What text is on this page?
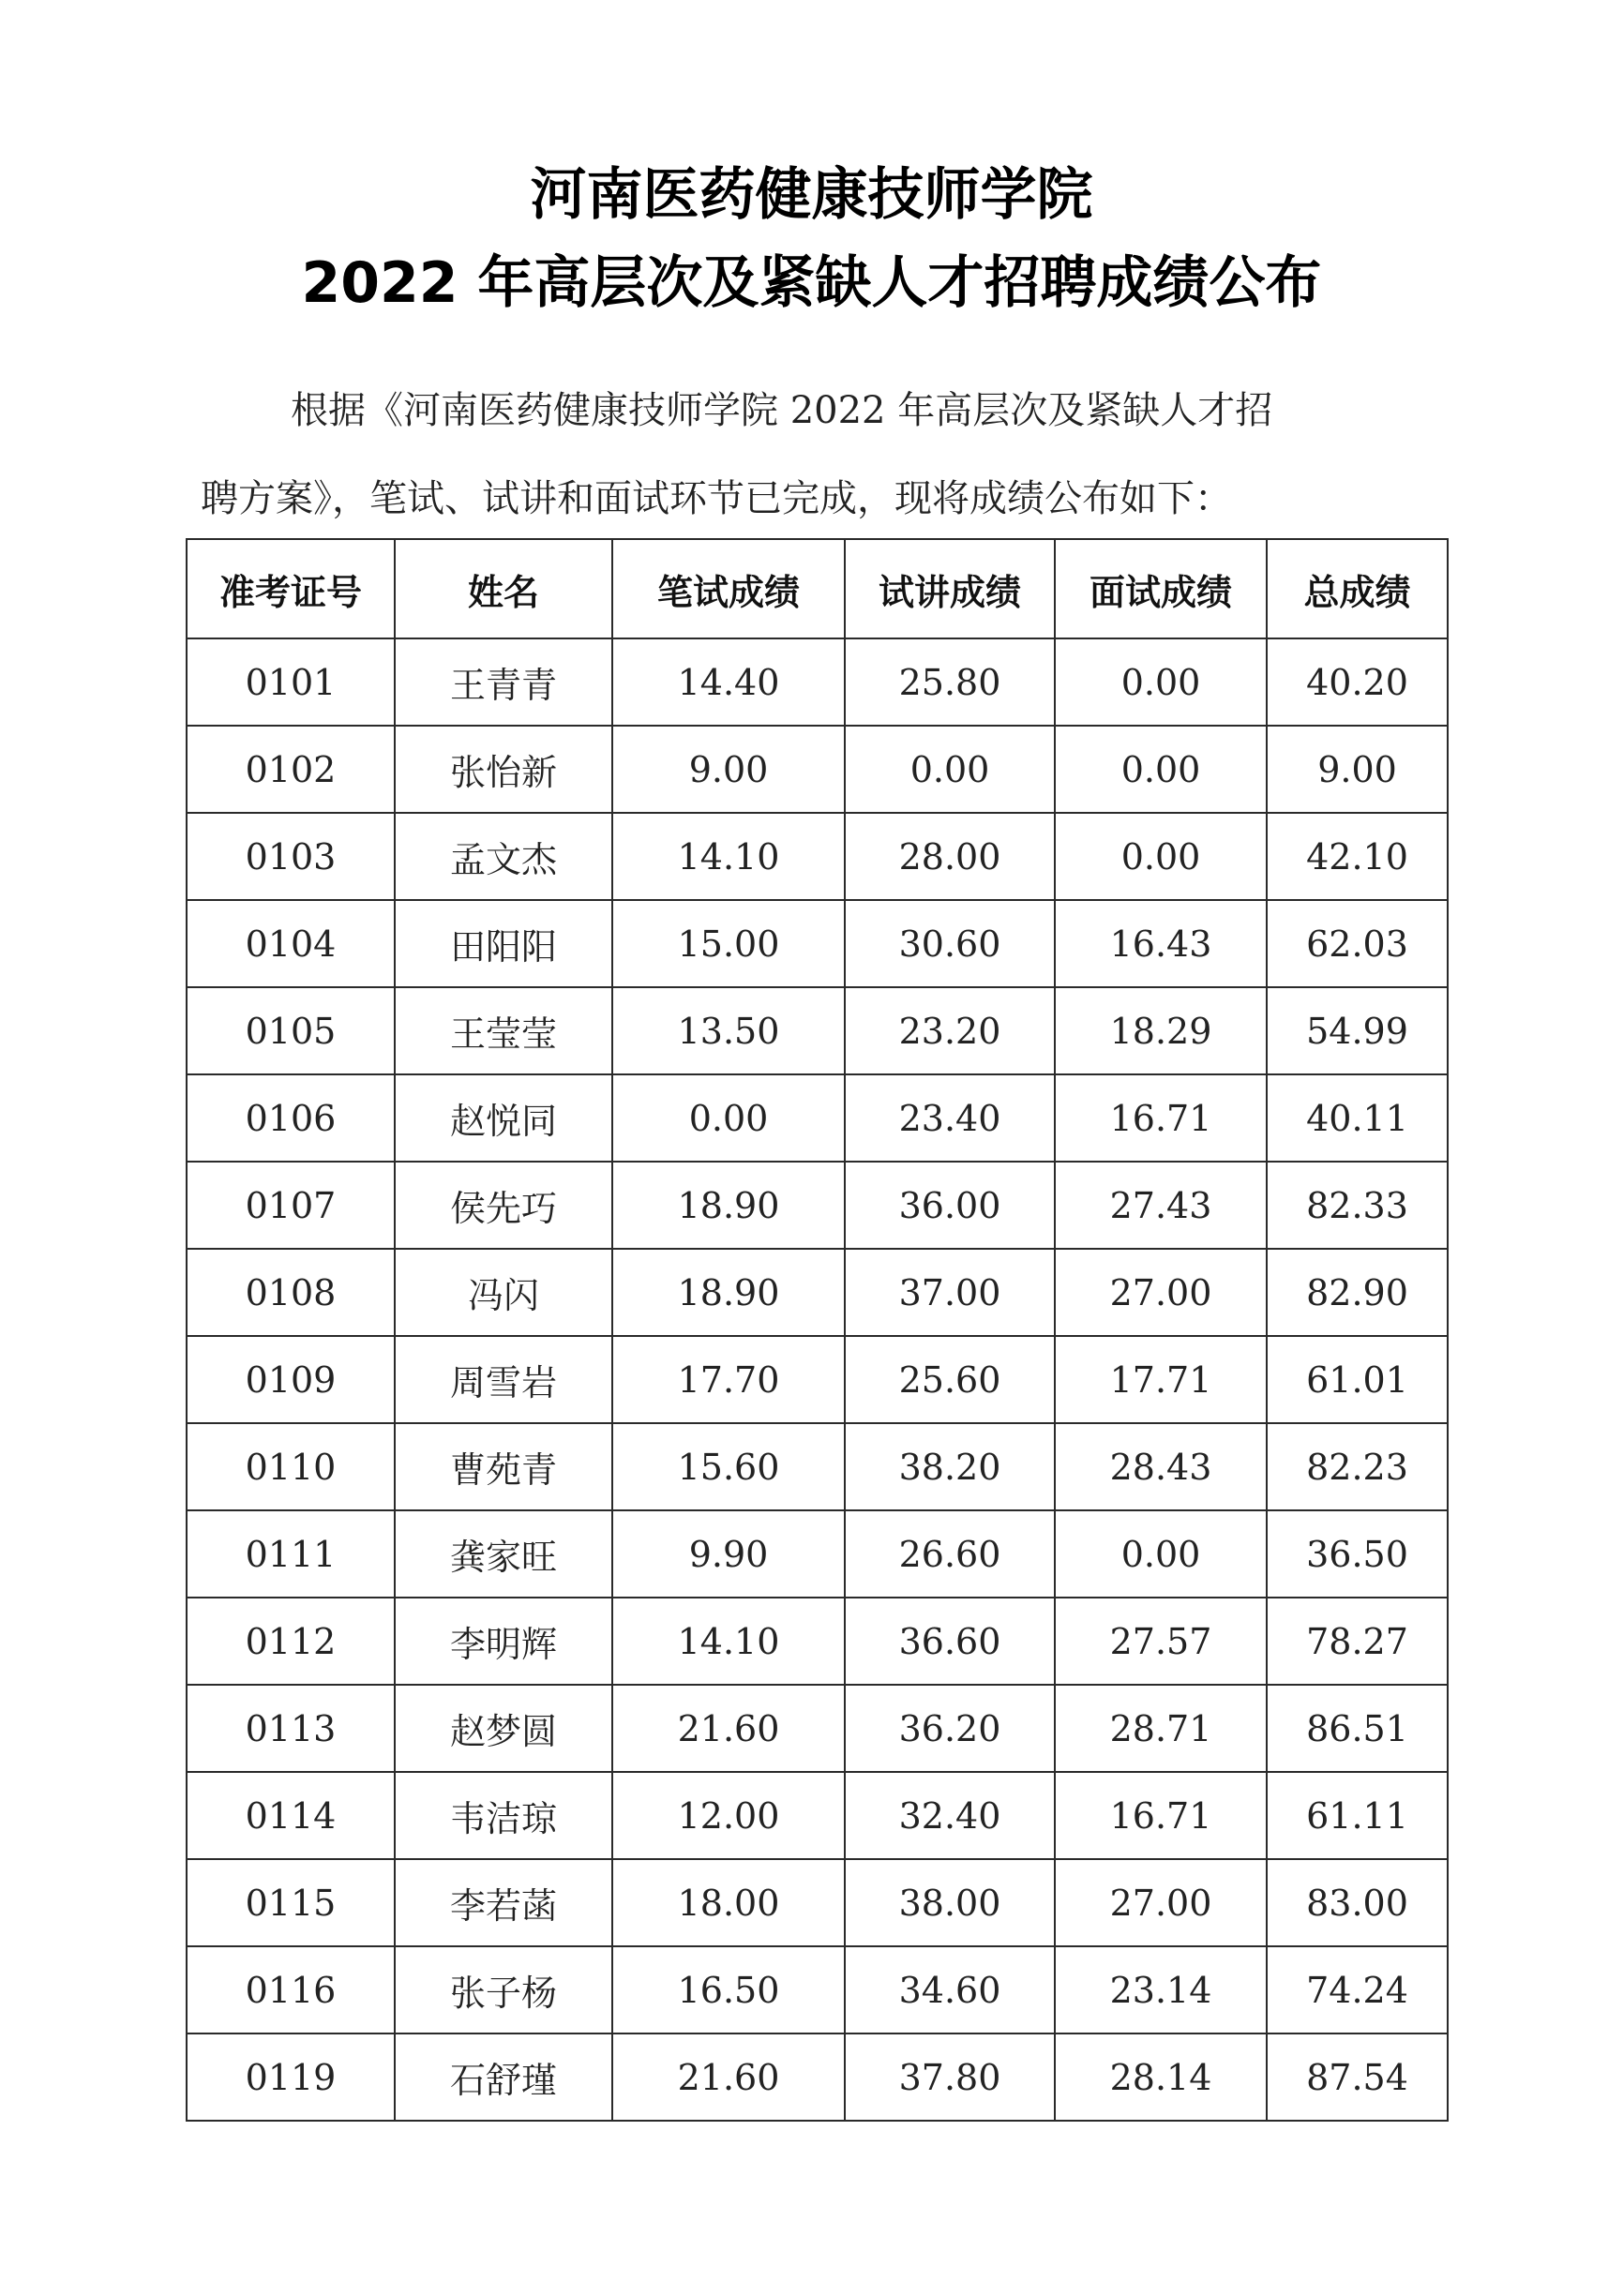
河南医药健康技师学院
2022 年高层次及紧缺人才招聘成绩公布
根据《河南医药健康技师学院 2022 年高层次及紧缺人才招
聘方案》，笔试、试讲和面试环节已完成，现将成绩公布如下：
准考证号	姓名	笔试成绩	试讲成绩	面试成绩	总成绩
0101	王青青	14.40	25.80	0.00	40.20
0102	张怡新	9.00	0.00	0.00	9.00
0103	孟文杰	14.10	28.00	0.00	42.10
0104	田阳阳	15.00	30.60	16.43	62.03
0105	王莹莹	13.50	23.20	18.29	54.99
0106	赵悦同	0.00	23.40	16.71	40.11
0107	侯先巧	18.90	36.00	27.43	82.33
0108	冯闪	18.90	37.00	27.00	82.90
0109	周雪岩	17.70	25.60	17.71	61.01
0110	曹苑青	15.60	38.20	28.43	82.23
0111	龚家旺	9.90	26.60	0.00	36.50
0112	李明辉	14.10	36.60	27.57	78.27
0113	赵梦圆	21.60	36.20	28.71	86.51
0114	韦洁琼	12.00	32.40	16.71	61.11
0115	李若菡	18.00	38.00	27.00	83.00
0116	张子杨	16.50	34.60	23.14	74.24
0119	石舒瑾	21.60	37.80	28.14	87.54
